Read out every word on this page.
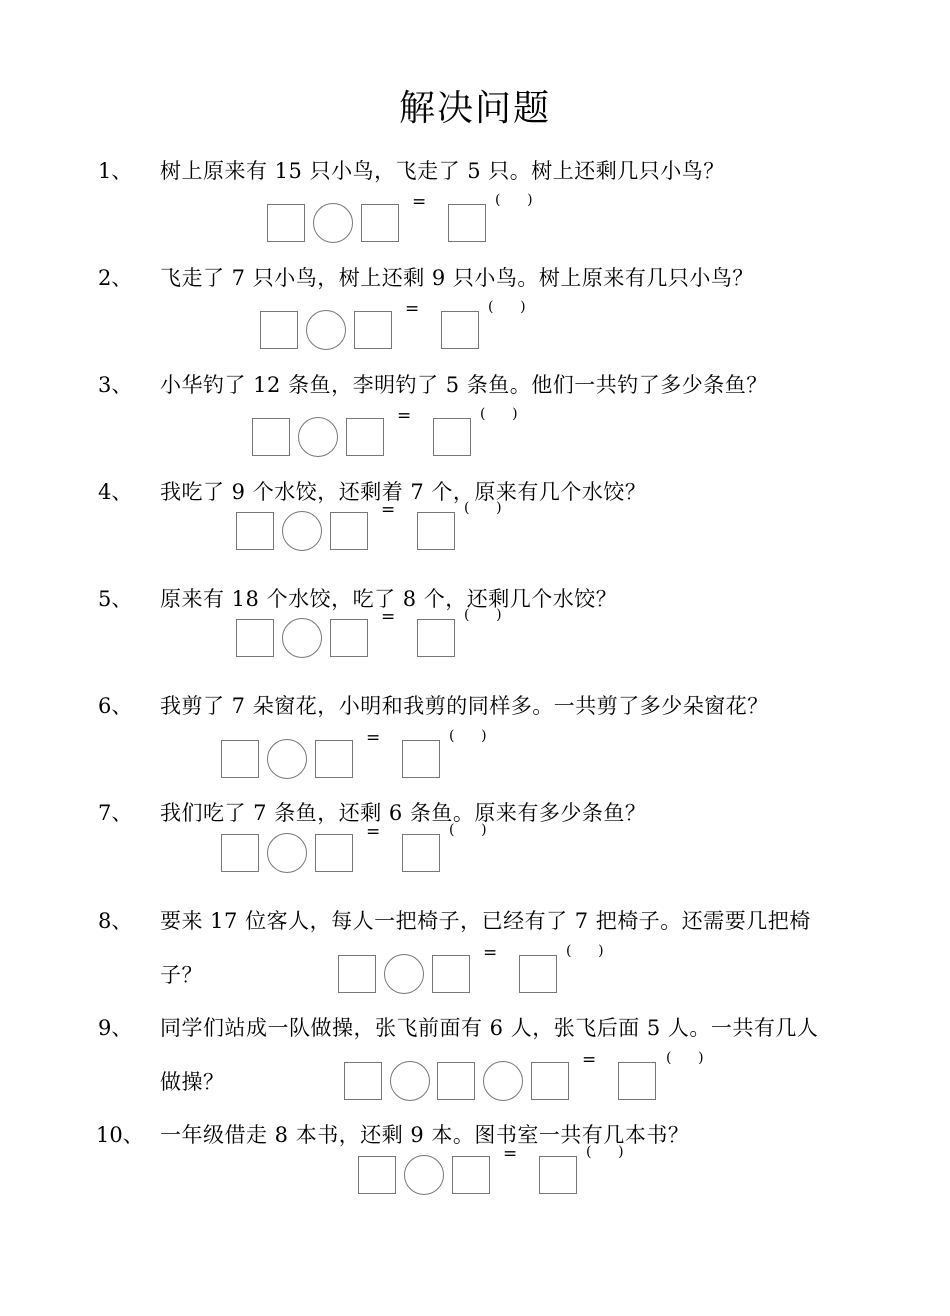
解决问题
1、 树上原来有 15 只小鸟，飞走了 5 只。树上还剩几只小鸟？
=	(      )
2、 飞走了 7 只小鸟，树上还剩 9 只小鸟。树上原来有几只小鸟？
=	(      )
3、 小华钓了 12 条鱼，李明钓了 5 条鱼。他们一共钓了多少条鱼？
=	(      )
4、 我吃了 9 个水饺，还剩着 7 个，原来有几个水饺？
=	(      )
5、 原来有 18 个水饺，吃了 8 个，还剩几个水饺？
=	(      )
6、 我剪了 7 朵窗花，小明和我剪的同样多。一共剪了多少朵窗花？
=	(      )
7、 我们吃了 7 条鱼，还剩 6 条鱼。原来有多少条鱼？
=	(      )
8、 要来 17 位客人，每人一把椅子，已经有了 7 把椅子。还需要几把椅
子？
=	(      )
9、 同学们站成一队做操，张飞前面有 6 人，张飞后面 5 人。一共有几人
做操？
=	(      )
10、 一年级借走 8 本书，还剩 9 本。图书室一共有几本书？
=	(      )
